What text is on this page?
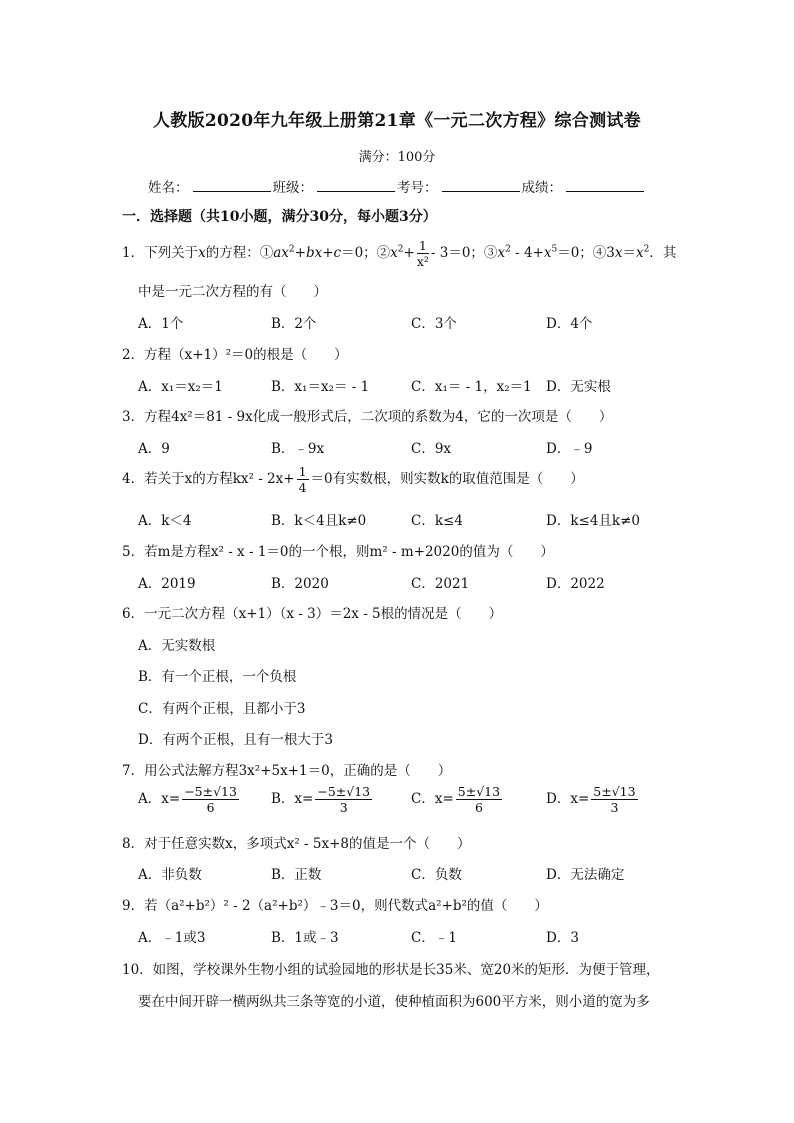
人教版2020年九年级上册第21章《一元二次方程》综合测试卷
满分：100分
姓名：	班级：	考号：	成绩：
一．选择题（共10小题，满分30分，每小题3分）
1．下列关于x的方程：$①ax^2+bx+c=0$；$②x^2+ \frac{1}{\text{x²}} - 3=0$；$③x^2 - 4+x^5=0$；$④3x=x^2$．其
中是一元二次方程的有（　　）
A．1个	B．2个	C．3个	D．4个
2．方程（x+1）²＝0的根是（　　）
A．x₁＝x₂＝1	B．x₁＝x₂＝ - 1	C．x₁＝ - 1，x₂＝1 D．无实根
3．方程4x²＝81 - 9x化成一般形式后，二次项的系数为4，它的一次项是（　　）
A．9	B．﹣9x	C．9x	D．﹣9
4．若关于x的方程$kx^2 - 2x+ \frac{1}{4} =0$有实数根，则实数k的取值范围是（　　）
A．k＜4	B．k＜4且k≠0	C．k≤4	D．k≤4且k≠0
5．若m是方程x² - x - 1＝0的一个根，则m² - m+2020的值为（　　）
A．2019	B．2020	C．2021	D．2022
6．一元二次方程（x+1）（x - 3）＝2x - 5根的情况是（　　）
A．无实数根
B．有一个正根，一个负根
C．有两个正根，且都小于3
D．有两个正根，且有一根大于3
7．用公式法解方程3x²+5x+1＝0，正确的是（　　）
A．$x= \frac{-5\pm√13}{6}$ B．$x= \frac{-5\pm√13}{3}$	C．$x= \frac{5\pm√13}{6}$	D．$x= \frac{5\pm√13}{3}$
8．对于任意实数x，多项式x² - 5x+8的值是一个（　　）
A．非负数	B．正数	C．负数	D．无法确定
9．若（a²+b²）² - 2（a²+b²）﹣3＝0，则代数式a²+b²的值（　　）
A．﹣1或3	B．1或﹣3	C．﹣1	D．3
10．如图，学校课外生物小组的试验园地的形状是长35米、宽20米的矩形．为便于管理，
要在中间开辟一横两纵共三条等宽的小道，使种植面积为600平方米，则小道的宽为多
